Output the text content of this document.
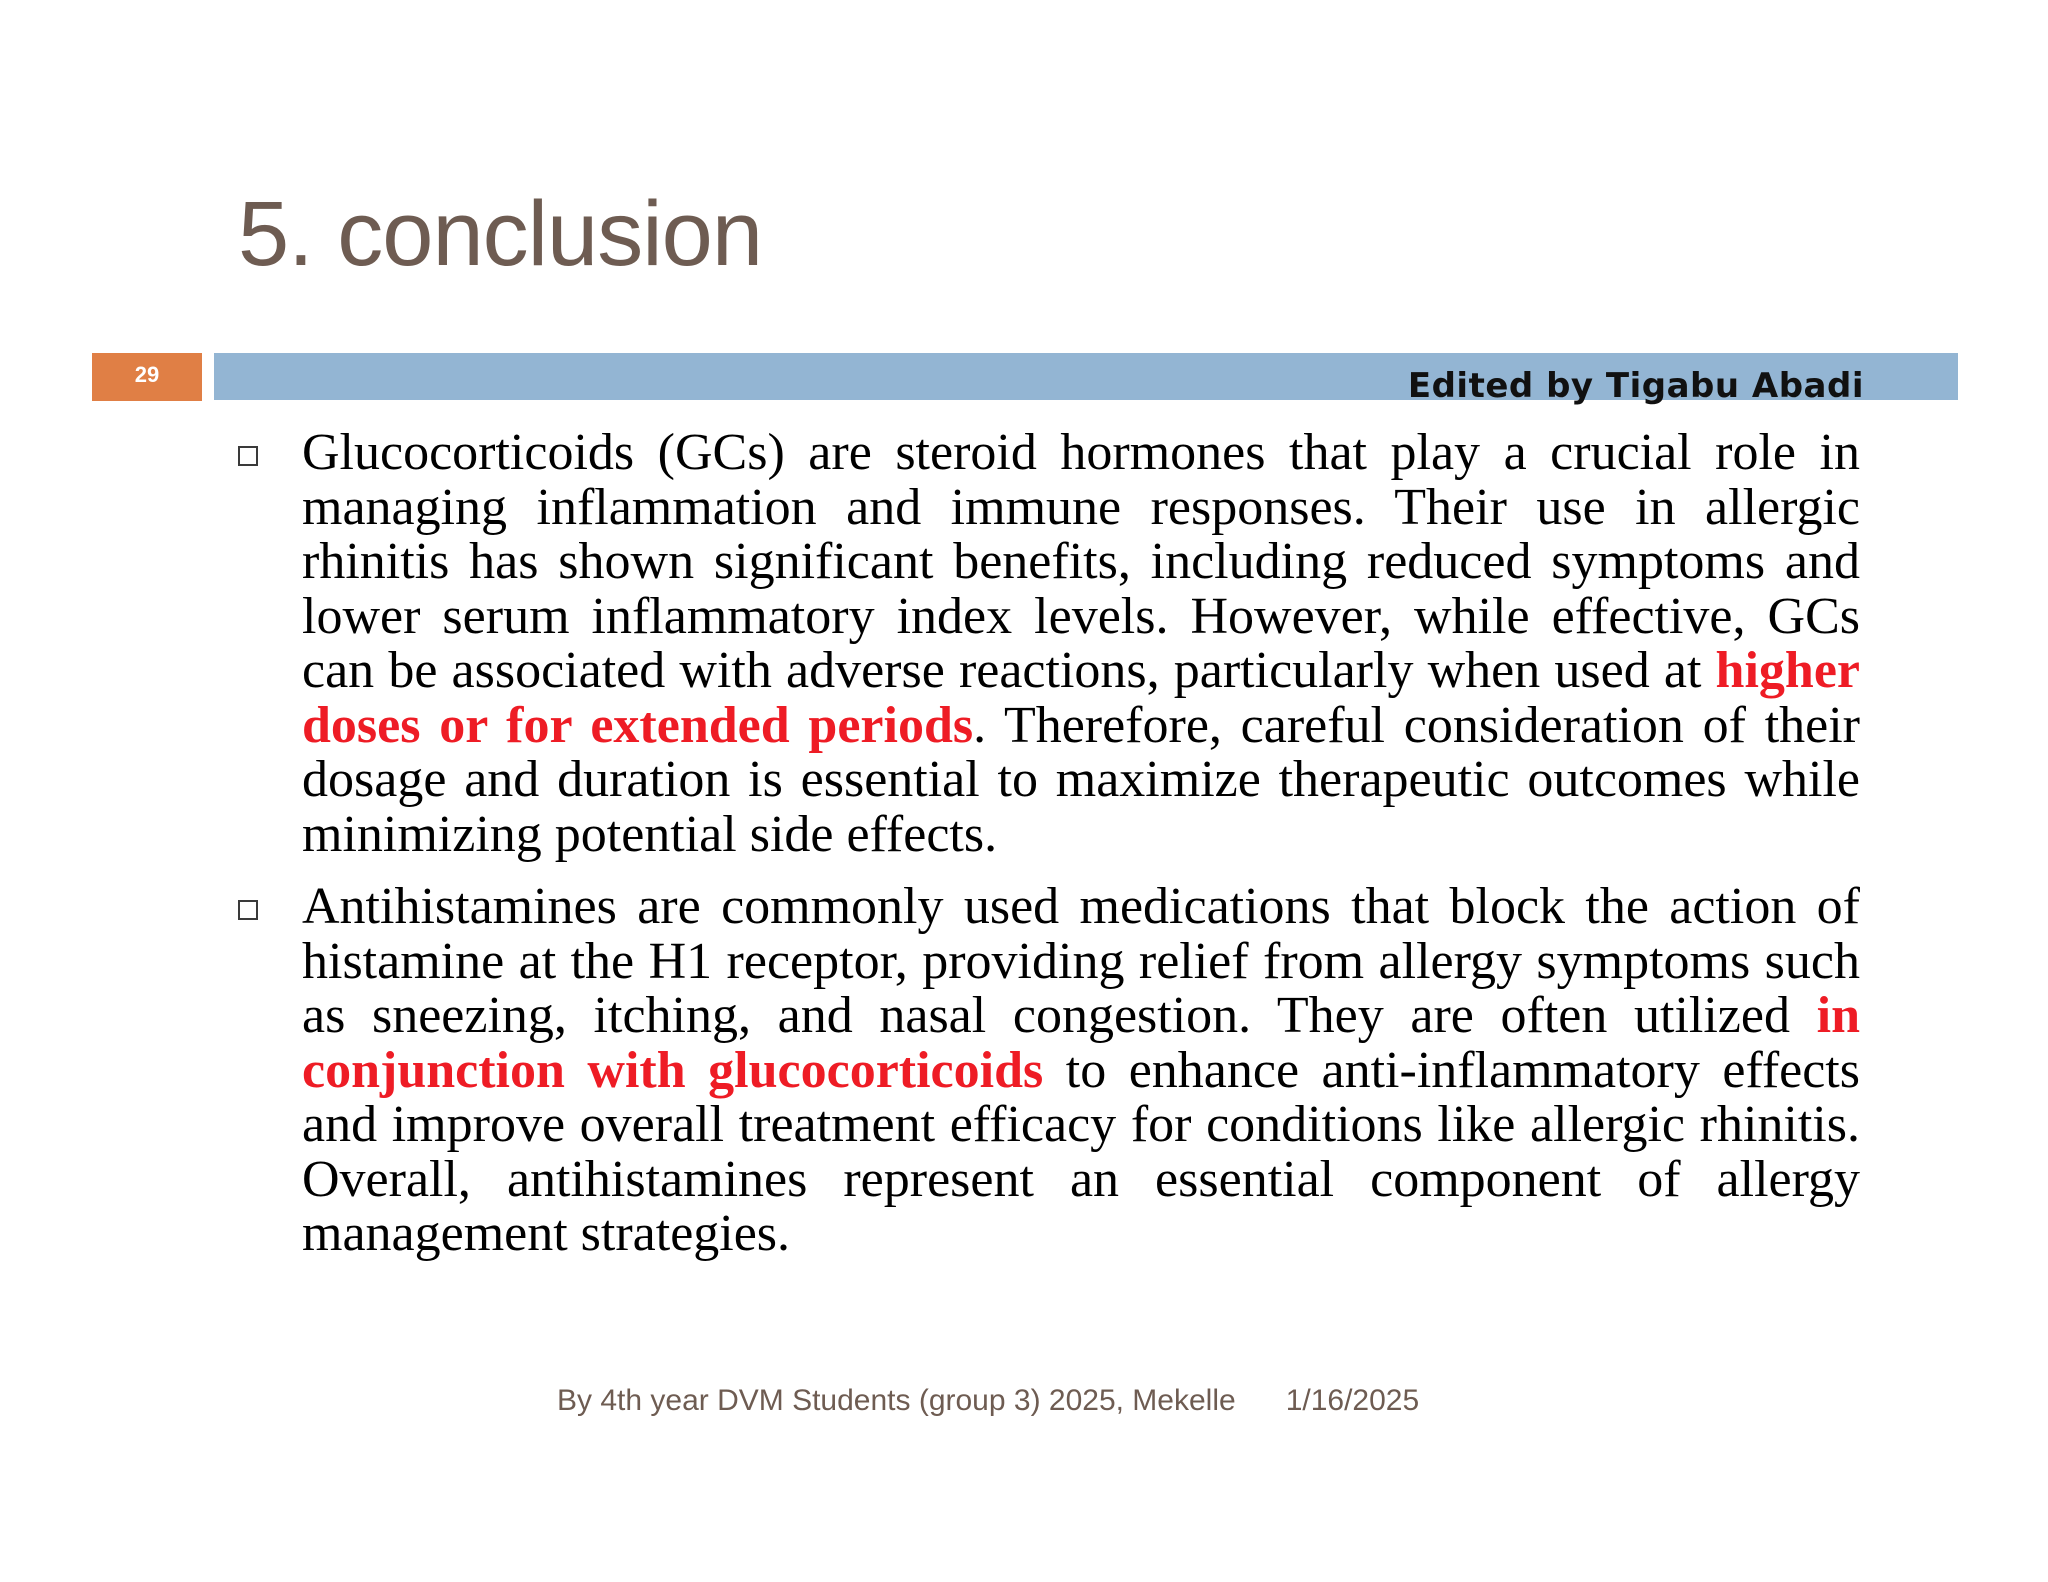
5. conclusion
29	Edited by Tigabu Abadi

Glucocorticoids (GCs) are steroid hormones that play a crucial role in managing inflammation and immune responses. Their use in allergic rhinitis has shown significant benefits, including reduced symptoms and lower serum inflammatory index levels. However, while effective, GCs can be associated with adverse reactions, particularly when used at higher doses or for extended periods. Therefore, careful consideration of their dosage and duration is essential to maximize therapeutic outcomes while minimizing potential side effects.

Antihistamines are commonly used medications that block the action of histamine at the H1 receptor, providing relief from allergy symptoms such as sneezing, itching, and nasal congestion. They are often utilized in conjunction with glucocorticoids to enhance anti-inflammatory effects and improve overall treatment efficacy for conditions like allergic rhinitis. Overall, antihistamines represent an essential component of allergy management strategies.

By 4th year DVM Students (group 3) 2025, Mekelle 1/16/2025
